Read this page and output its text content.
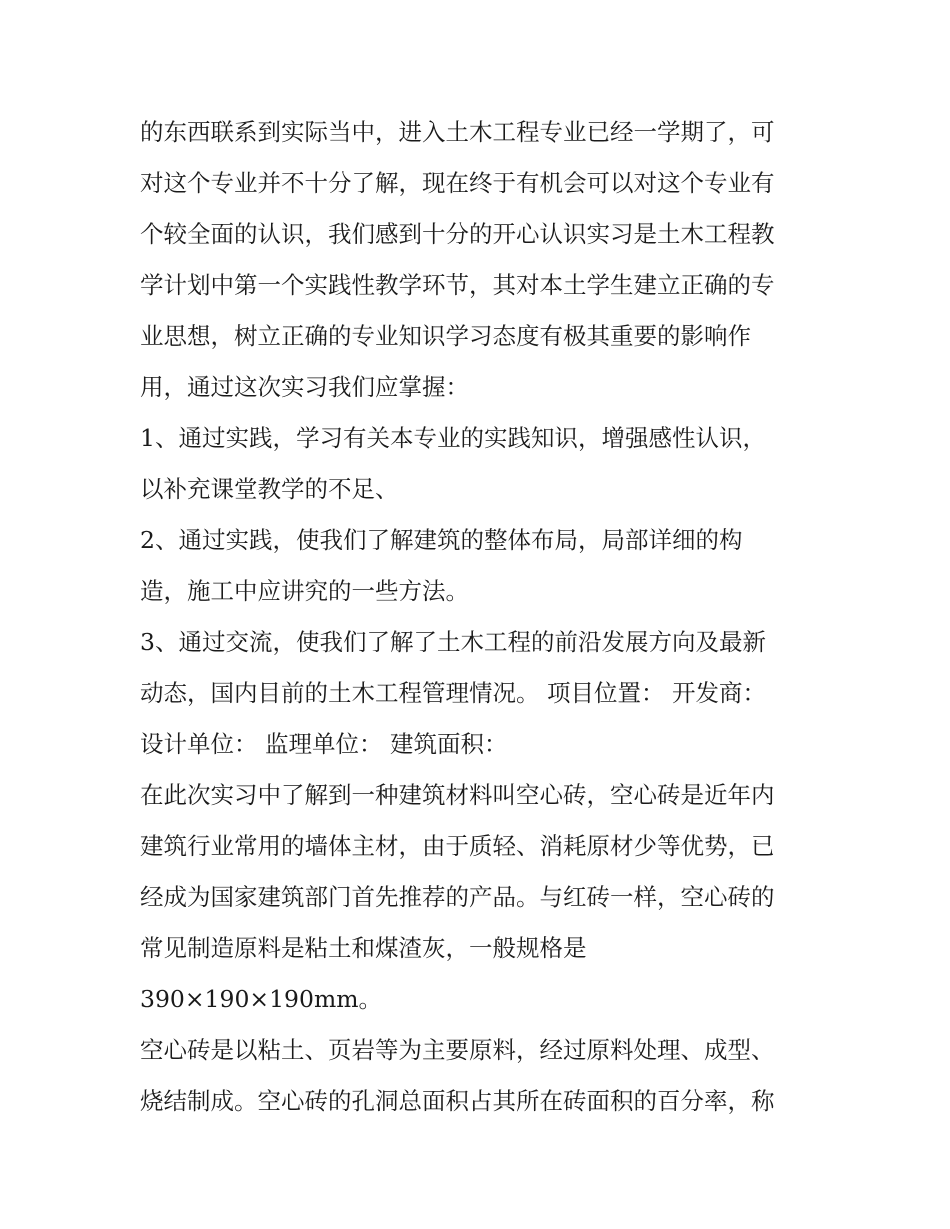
的东西联系到实际当中，进入土木工程专业已经一学期了，可
对这个专业并不十分了解，现在终于有机会可以对这个专业有
个较全面的认识，我们感到十分的开心认识实习是土木工程教
学计划中第一个实践性教学环节，其对本土学生建立正确的专
业思想，树立正确的专业知识学习态度有极其重要的影响作
用，通过这次实习我们应掌握：
1、通过实践，学习有关本专业的实践知识，增强感性认识，
以补充课堂教学的不足、
2、通过实践，使我们了解建筑的整体布局，局部详细的构
造，施工中应讲究的一些方法。
3、通过交流，使我们了解了土木工程的前沿发展方向及最新
动态，国内目前的土木工程管理情况。 项目位置： 开发商：
设计单位： 监理单位： 建筑面积：
在此次实习中了解到一种建筑材料叫空心砖，空心砖是近年内
建筑行业常用的墙体主材，由于质轻、消耗原材少等优势，已
经成为国家建筑部门首先推荐的产品。与红砖一样，空心砖的
常见制造原料是粘土和煤渣灰，一般规格是
390×190×190mm。
空心砖是以粘土、页岩等为主要原料，经过原料处理、成型、
烧结制成。空心砖的孔洞总面积占其所在砖面积的百分率，称
